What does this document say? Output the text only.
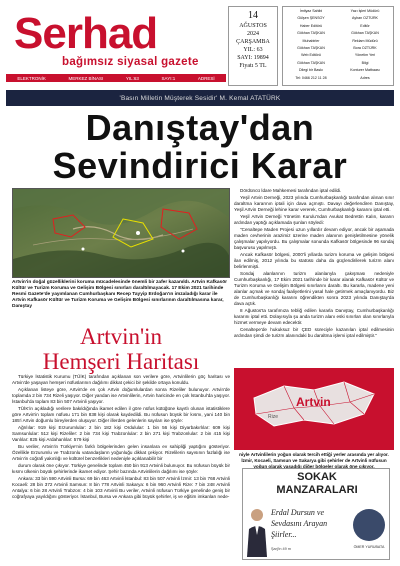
Serhad
bağımsız siyasal gazete
ELEKTRONİK	MERKEZ BİNASI	YIL:63	SAYI:1	ADRESİ
14
AĞUSTOS
2024
ÇARŞAMBA
YIL: 63
SAYI: 19894
Fiyatı 5 TL
İmtiyaz Sahibi	Yazı İşleri Müdürü
Gülşen ŞENSOY	Ayhan OZTÜRK
Haber Editörü	Editör
Gökhan TAŞKAN	Gökhan TAŞKAN
Muhabirler	Reklam Müdürü
Gökhan TAŞKAN	Bora OZTÜRK
Web Editörü	Yönetim Yeri
Gökhan TAŞKAN	Bilgi
Dilegi bir Baskı	Konturer Matbaası
Tel: 0466 212 11 28	Adres
'Basın Milletin Müşterek Sesidir' M. Kemal ATATÜRK
Danıştay'dan
Sevindirici Karar
Artvin'in doğal güzelliklerini koruma mücadelesinde önemli bir zafer kazanıldı. Artvin Kafkasör Kültür ve Turizm Koruma ve Gelişim Bölgesi sınırları daraltılmayacak. 17 Ekim 2021 tarihinde Resmi Gazete'de yayımlanan Cumhurbaşkanı Recep Tayyip Erdoğan'ın imzaladığı karar ile Artvin Kafkasör Kültür ve Turizm Koruma ve Gelişim Bölgesi sınırlarının daraltılmasına karar, Danıştay

Dördüncü İdare Mahkemesi tarafından iptal edildi.

Yeşil Artvin Derneği, 2023 yılında Cumhurbaşkanlığı tarafından alınan sınır daraltma kararının iptali için dava açmıştı. Davayı değerlendiren Danıştay, Yeşil Artvin Derneği lehine karar vererek, Cumhurbaşkanlığı kararını iptal etti.

Yeşil Artvin Derneği Yönetim Kurulu'ndan Avukat Bedrettin Kalın, kararın ardından yaptığı açıklamada şunları söyledi:

"Cenaltepe Maden Projesi uzun yıllardır devam ediyor, ancak bir aşamada maden cevherinin arazimiz üzerine maden alanının genişletilmesine yönelik çalışmalar yapılıyordu. Bu çalışmalar sonunda Kafkasör bölgesinde 96 sondaj başvurusu yapılmıştı.

Ancak Kafkasör bölgesi, 2000'li yıllarda turizm koruma ve gelişim bölgesi ilan edilmiş, 2012 yılında bu statüsü daha da güçlendirilerek turizm alanı belirlenmişti.

Sondaj alanlarının turizm alanlarıyla çakışması nedeniyle Cumhurbaşkanlığı, 17 Ekim 2021 tarihinde bir karar alarak Kafkasör Kültür ve Turizm Koruma ve Gelişim Bölgesi sınırlarını daraltı. Bu kararla, madene yeni alanlar açmak ve sondaj faaliyetlerini yasal hale getirmek amaçlanıyordu. Biz de Cumhurbaşkanlığı kararını öğrendikten sonra 2023 yılında Danıştay'da dava açtık.

8 Ağustos'ta tarafımıza tebliğ edilen kararla Danıştay, Cumhurbaşkanlığı kararını iptal etti. Dolayısıyla şu anda turizm alanı eski sınırları olan sınırlarıyla hizmet vermeye devam edecektir.

Cenaltepe'de hukuksuz bir ÇED süreciyle kazanılan iptal edilmesinin ardından şimdi de turizm alanındaki bu daraltma işlemi iptal edilmiştir."

Artvin'in
Hemşeri Haritası

Türkiye İstatistik Kurumu (TÜİK) tarafından açıklanan son verilere göre, Artvinlilerin göç haritası ve Artvin'de yaşayan hemşeri nüfuslarının dağılımı dikkat çekici bir şekilde ortaya konuldu.

Açıklanan listeye göre, Artvin'de en çok Artvin doğumlulardan sonra Rizeliler bulunuyor. Artvin'de toplamda 2 bin 734 Rizeli yaşıyor. Diğer yandan ise Artvinlilerin, Artvin haricinde en çok İstanbul'da yaşıyor. İstanbul'da toplam 83 bin 507 Artvinli yaşıyor.

TÜİK'in açıkladığı verilere bakıldığında ikamet edilen il göre nüfus kütüğüne kayıtlı olunan istatistiklere göre Artvin'in toplam nüfusu 171 bin 838 kişi olarak kaydedildi. Bu nüfusun büyük bir kısmı, yani 140 bin 185'i Artvin doğumlu bireylerden oluşuyor. Diğer illerden gelenlerin sayıları ise şöyle:

Ağrılılar: 919 kişi Erzurumlular: 2 bin 182 kişi Ordulular: 1 bin 56 kişi Diyarbakırlılar: 609 kişi Samsunlular: 512 kişi Rizeliler: 2 bin 734 kişi Trabzonlular: 2 bin 271 kişi Trabzonlular: 2 bin 415 kişi Vanlılar: 825 kişi Ardahanlılar: 579 kişi

Bu veriler, Artvin'in Türkiye'nin farklı bölgelerinden gelen insanlara ev sahipliği yaptığını gösteriyor. Özellikle Erzurumlu ve Trabzonlu vatandaşların yoğunluğu dikkat çekiyor. Rizelilerin sayısının fazlalığı ise Artvin'in coğrafi yakınlığı ve kültürel benzerlikleri nedeniyle açıklanabilir bir

durum olarak öne çıkıyor. Türkiye genelinde toplam 450 bin 913 Artvinli bulunuyor. Bu nüfusun büyük bir kısmı ülkenin büyük şehirlerinde ikamet ediyor. Şehir bazında Artvinlilerin dağılımı ise şöyle:

Ankara: 33 bin 590 Artvinli Bursa: 69 bin 463 Artvinli İstanbul: 83 bin 507 Artvinli İzmir: 13 bin 768 Artvinli Kocaeli: 28 bin 372 Artvinli Samsun: 8 bin 778 Artvinli Sakarya: 6 bin 960 Artvinli Rize: 7 bin 248 Artvinli Antalya: 6 bin 28 Artvinli Trabzon: 4 bin 103 Artvinli Bu veriler, Artvinli nüfusun Türkiye genelinde geniş bir coğrafyaya yayıldığını gösteriyor. İstanbul, Bursa ve Ankara gibi büyük şehirler, iş ve eğitim imkanları nede-

Artvin
Rize
niyle Artvinlilerin yoğun olarak tercih ettiği yerler arasında yer alıyor. İzmir, Kocaeli, Samsun ve Sakarya gibi şehirler de Artvinli nüfusun yoğun olarak yaşadığı diğer bölgeler olarak öne çıkıyor.
SOKAK
MANZARALARI
Erdal Dursun ve
Sevdasını Arayan Şiirler...
Şarj'in 49 m	ÖMER YURUBATA
